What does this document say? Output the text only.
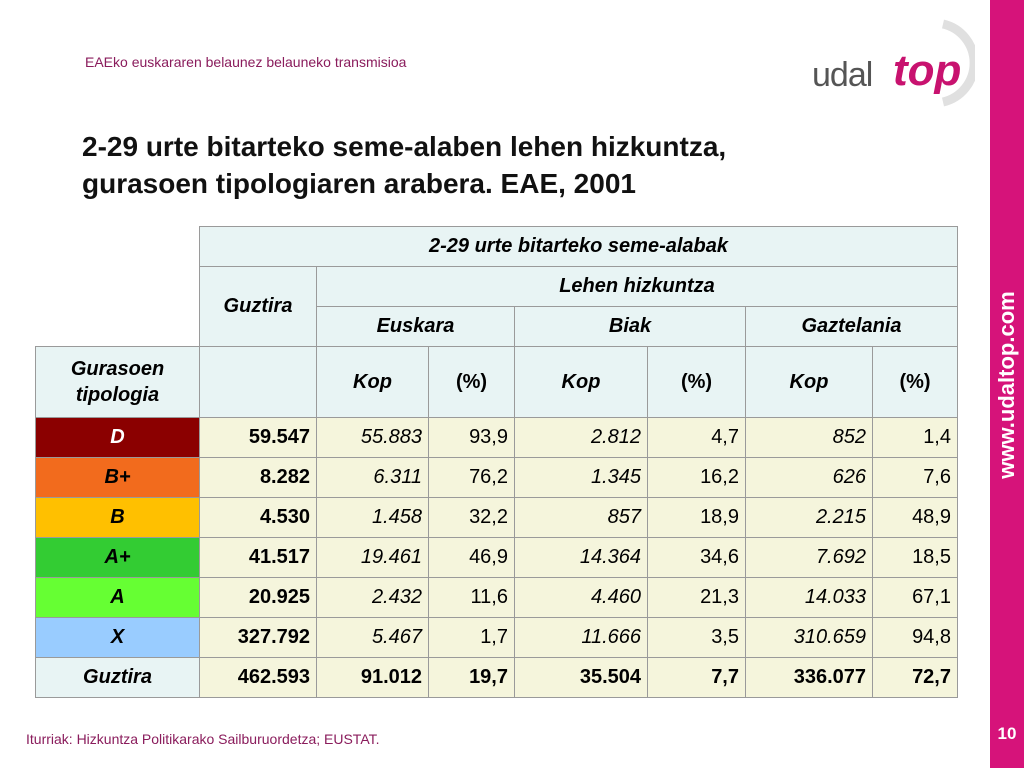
EAEko euskararen belaunez belauneko transmisioa	udal top
www.udaltop.com
10
2-29 urte bitarteko seme-alaben lehen hizkuntza,
gurasoen tipologiaren arabera. EAE, 2001
	2-29 urte bitarteko seme-alabak						
	Guztira	Lehen hizkuntza					
		Euskara		Biak		Gaztelania	
Gurasoen tipologia		Kop	(%)	Kop	(%)	Kop	(%)
D	59.547	55.883	93,9	2.812	4,7	852	1,4
B+	8.282	6.311	76,2	1.345	16,2	626	7,6
B	4.530	1.458	32,2	857	18,9	2.215	48,9
A+	41.517	19.461	46,9	14.364	34,6	7.692	18,5
A	20.925	2.432	11,6	4.460	21,3	14.033	67,1
X	327.792	5.467	1,7	11.666	3,5	310.659	94,8
Guztira	462.593	91.012	19,7	35.504	7,7	336.077	72,7
Iturriak: Hizkuntza Politikarako Sailburuordetza; EUSTAT.
